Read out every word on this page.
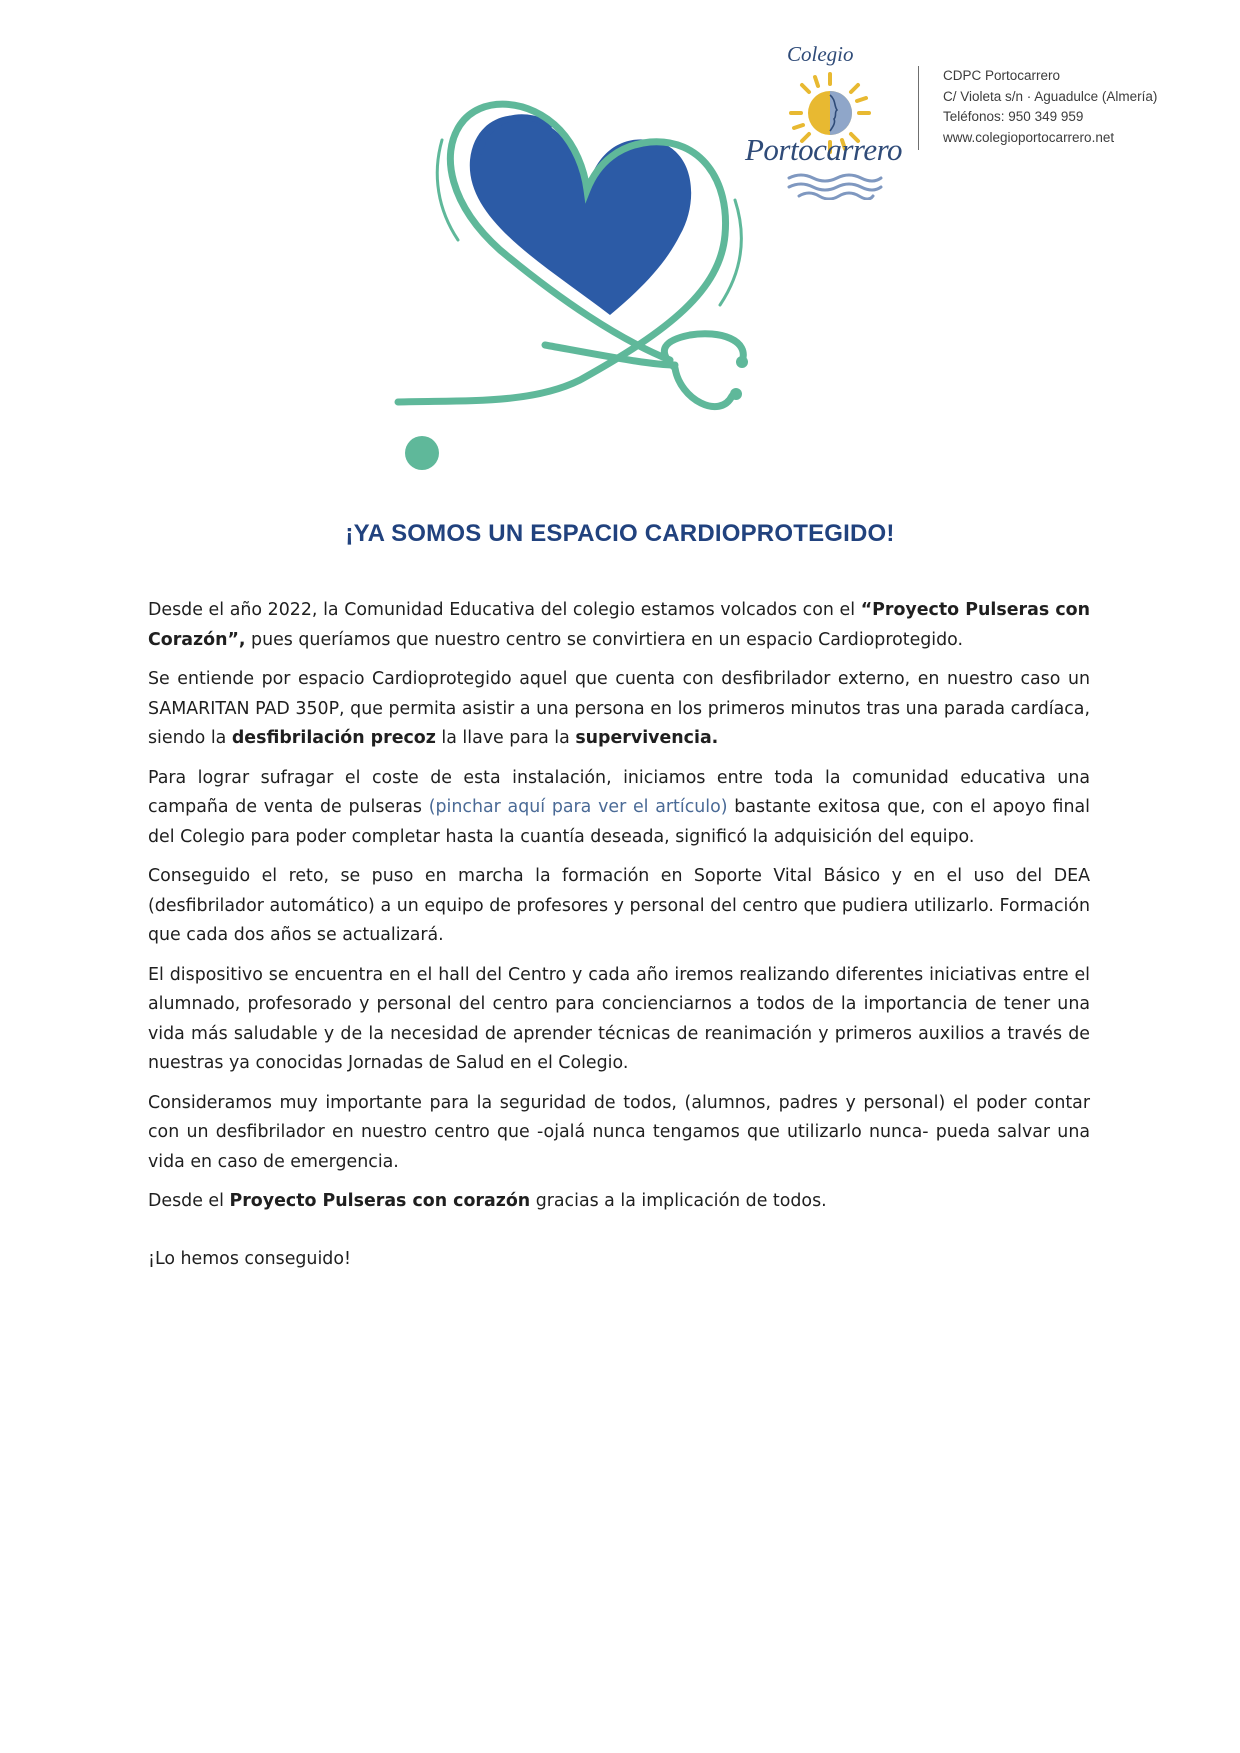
Colegio
Portocarrero
CDPC Portocarrero
C/ Violeta s/n · Aguadulce (Almería)
Teléfonos: 950 349 959
www.colegioportocarrero.net
¡YA SOMOS UN ESPACIO CARDIOPROTEGIDO!

Desde el año 2022, la Comunidad Educativa del colegio estamos volcados con el “Proyecto Pulseras con Corazón”, pues queríamos que nuestro centro se convirtiera en un espacio Cardioprotegido.

Se entiende por espacio Cardioprotegido aquel que cuenta con desfibrilador externo, en nuestro caso un SAMARITAN PAD 350P, que permita asistir a una persona en los primeros minutos tras una parada cardíaca, siendo la desfibrilación precoz la llave para la supervivencia.

Para lograr sufragar el coste de esta instalación, iniciamos entre toda la comunidad educativa una campaña de venta de pulseras (pinchar aquí para ver el artículo) bastante exitosa que, con el apoyo final del Colegio para poder completar hasta la cuantía deseada, significó la adquisición del equipo.

Conseguido el reto, se puso en marcha la formación en Soporte Vital Básico y en el uso del DEA (desfibrilador automático) a un equipo de profesores y personal del centro que pudiera utilizarlo. Formación que cada dos años se actualizará.

El dispositivo se encuentra en el hall del Centro y cada año iremos realizando diferentes iniciativas entre el alumnado, profesorado y personal del centro para concienciarnos a todos de la importancia de tener una vida más saludable y de la necesidad de aprender técnicas de reanimación y primeros auxilios a través de nuestras ya conocidas Jornadas de Salud en el Colegio.

Consideramos muy importante para la seguridad de todos, (alumnos, padres y personal) el poder contar con un desfibrilador en nuestro centro que -ojalá nunca tengamos que utilizarlo nunca- pueda salvar una vida en caso de emergencia.

Desde el Proyecto Pulseras con corazón gracias a la implicación de todos.

¡Lo hemos conseguido!
